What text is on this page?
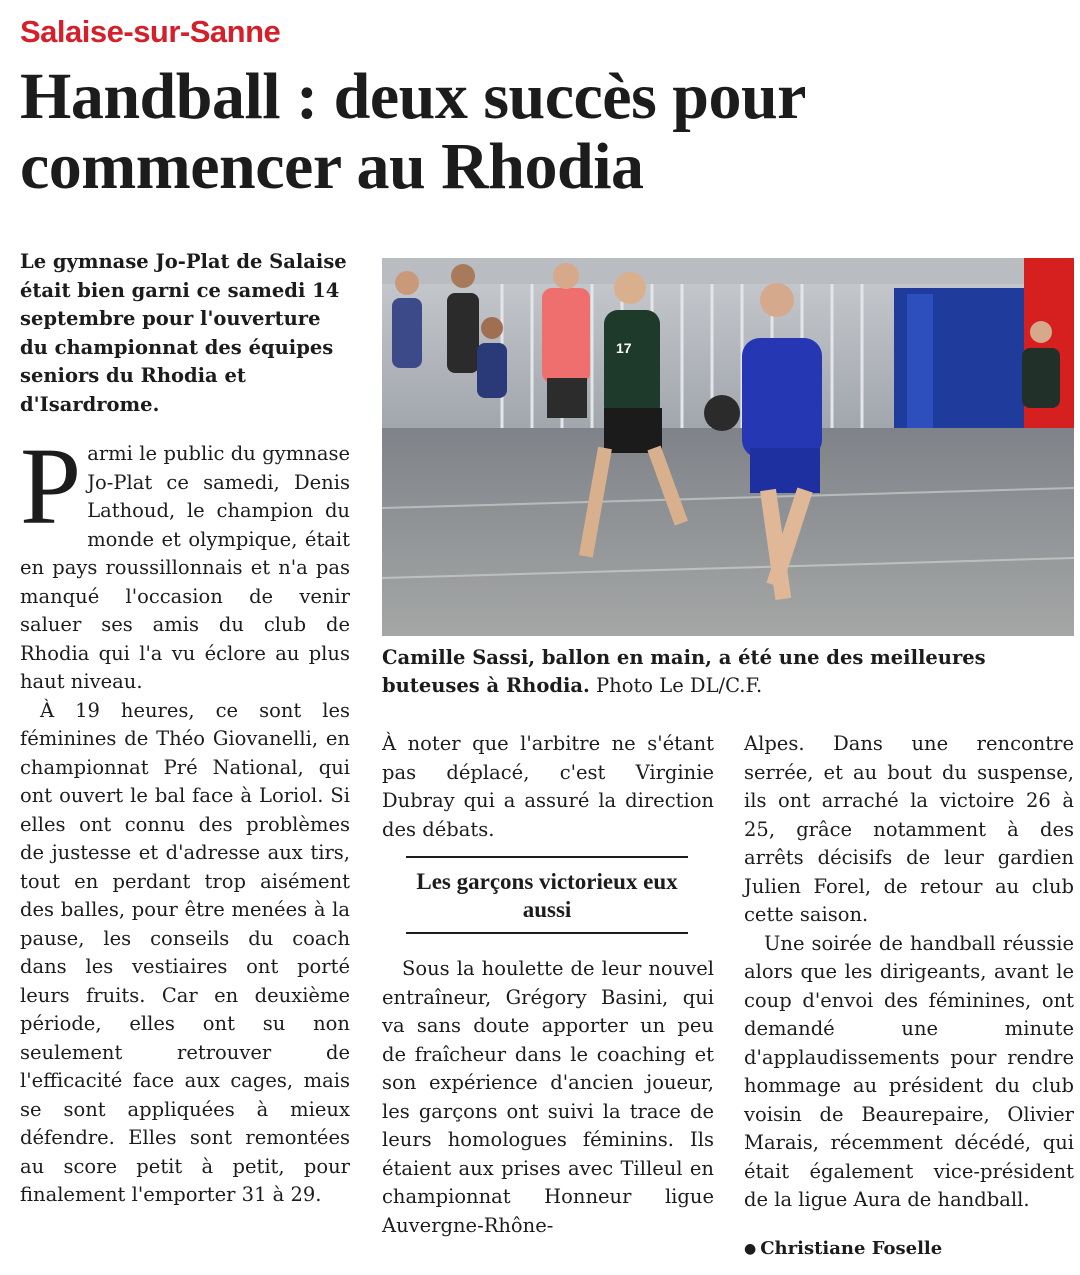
Salaise-sur-Sanne
Handball : deux succès pour commencer au Rhodia

Le gymnase Jo-Plat de Salaise était bien garni ce samedi 14 septembre pour l'ouverture du championnat des équipes seniors du Rhodia et d'Isardrome.

P armi le public du gymnase Jo-Plat ce samedi, Denis Lathoud, le champion du monde et olympique, était en pays roussillonnais et n'a pas manqué l'occasion de venir saluer ses amis du club de Rhodia qui l'a vu éclore au plus haut niveau.

À 19 heures, ce sont les féminines de Théo Giovanelli, en championnat Pré National, qui ont ouvert le bal face à Loriol. Si elles ont connu des problèmes de justesse et d'adresse aux tirs, tout en perdant trop aisément des balles, pour être menées à la pause, les conseils du coach dans les vestiaires ont porté leurs fruits. Car en deuxième période, elles ont su non seulement retrouver de l'efficacité face aux cages, mais se sont appliquées à mieux défendre. Elles sont remontées au score petit à petit, pour finalement l'emporter 31 à 29.

17
Camille Sassi, ballon en main, a été une des meilleures buteuses à Rhodia. Photo Le DL/C.F.

À noter que l'arbitre ne s'étant pas déplacé, c'est Virginie Dubray qui a assuré la direction des débats.

Les garçons victorieux eux aussi

Sous la houlette de leur nouvel entraîneur, Grégory Basini, qui va sans doute apporter un peu de fraîcheur dans le coaching et son expérience d'ancien joueur, les garçons ont suivi la trace de leurs homologues féminins. Ils étaient aux prises avec Tilleul en championnat Honneur ligue Auvergne-Rhône-

Alpes. Dans une rencontre serrée, et au bout du suspense, ils ont arraché la victoire 26 à 25, grâce notamment à des arrêts décisifs de leur gardien Julien Forel, de retour au club cette saison.

Une soirée de handball réussie alors que les dirigeants, avant le coup d'envoi des féminines, ont demandé une minute d'applaudissements pour rendre hommage au président du club voisin de Beaurepaire, Olivier Marais, récemment décédé, qui était également vice-président de la ligue Aura de handball.

● Christiane Foselle
